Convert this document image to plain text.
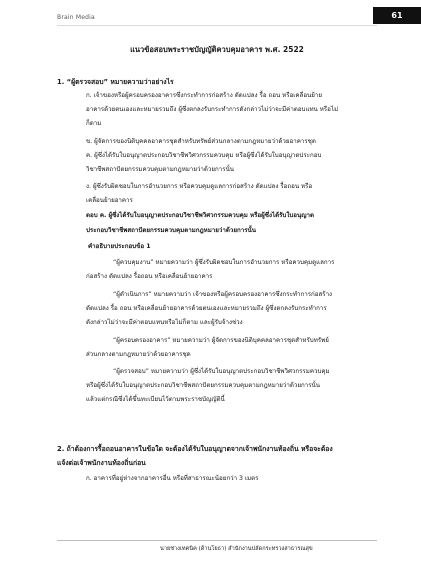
Brain Media	61
แนวข้อสอบพระราชบัญญัติควบคุมอาคาร พ.ศ. 2522
1. “ผู้ตรวจสอบ” หมายความว่าอย่างไร
ก. เจ้าของหรือผู้ครอบครองอาคารซึ่งกระทำการก่อสร้าง ดัดแปลง รื้อ ถอน หรือเคลื่อนย้าย
อาคารด้วยตนเองและหมายรวมถึง ผู้ซึ่งตกลงรับกระทำการดังกล่าวไม่ว่าจะมีค่าตอบแทน หรือไม่
ก็ตาม
ข. ผู้จัดการของนิติบุคคลอาคารชุดสำหรับทรัพย์ส่วนกลางตามกฎหมายว่าด้วยอาคารชุด
ค. ผู้ซึ่งได้รับใบอนุญาตประกอบวิชาชีพวิศวกรรมควบคุม หรือผู้ซึ่งได้รับใบอนุญาตประกอบ
วิชาชีพสถาปัตยกรรมควบคุมตามกฎหมายว่าด้วยการนั้น
ง. ผู้ซึ่งรับผิดชอบในการอำนวยการ หรือควบคุมดูแลการก่อสร้าง ดัดแปลง รื้อถอน หรือ
เคลื่อนย้ายอาคาร
ตอบ ค. ผู้ซึ่งได้รับใบอนุญาตประกอบวิชาชีพวิศวกรรมควบคุม หรือผู้ซึ่งได้รับใบอนุญาต
ประกอบวิชาชีพสถาปัตยกรรมควบคุมตามกฎหมายว่าด้วยการนั้น
คำอธิบายประกอบข้อ 1
“ผู้ควบคุมงาน” หมายความว่า ผู้ซึ่งรับผิดชอบในการอำนวยการ หรือควบคุมดูแลการ
ก่อสร้าง ดัดแปลง รื้อถอน หรือเคลื่อนย้ายอาคาร
“ผู้ดำเนินการ” หมายความว่า เจ้าของหรือผู้ครอบครองอาคารซึ่งกระทำการก่อสร้าง
ดัดแปลง รื้อ ถอน หรือเคลื่อนย้ายอาคารด้วยตนเองและหมายรวมถึง ผู้ซึ่งตกลงรับกระทำการ
ดังกล่าวไม่ว่าจะมีค่าตอบแทนหรือไม่ก็ตาม และผู้รับจ้างช่วง
“ผู้ครอบครองอาคาร” หมายความว่า ผู้จัดการของนิติบุคคลอาคารชุดสำหรับทรัพย์
ส่วนกลางตามกฎหมายว่าด้วยอาคารชุด
“ผู้ตรวจสอบ” หมายความว่า ผู้ซึ่งได้รับใบอนุญาตประกอบวิชาชีพวิศวกรรมควบคุม
หรือผู้ซึ่งได้รับใบอนุญาตประกอบวิชาชีพสถาปัตยกรรมควบคุมตามกฎหมายว่าด้วยการนั้น
แล้วแต่กรณีซึ่งได้ขึ้นทะเบียนไว้ตามพระราชบัญญัตินี้
2. ถ้าต้องการรื้อถอนอาคารในข้อใด จะต้องได้รับใบอนุญาตจากเจ้าพนักงานท้องถิ่น หรือจะต้อง
แจ้งต่อเจ้าพนักงานท้องถิ่นก่อน
ก. อาคารที่อยู่ห่างจากอาคารอื่น หรือที่สาธารณะน้อยกว่า 3 เมตร
นายช่างเทคนิค (ด้านโยธา) สำนักงานปลัดกระทรวงสาธารณสุข
